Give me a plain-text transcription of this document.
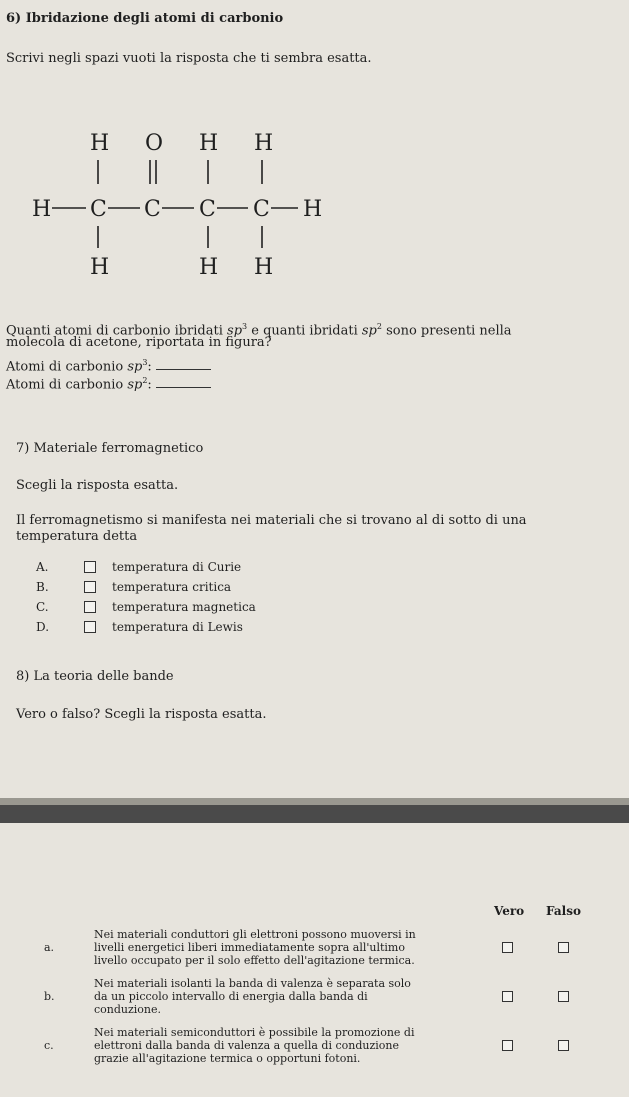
6) Ibridazione degli atomi di carbonio
Scrivi negli spazi vuoti la risposta che ti sembra esatta.
H O H H
H C C C C H
H	H H
Quanti atomi di carbonio ibridati $sp^3$ e quanti ibridati $sp^2$ sono presenti nella
molecola di acetone, riportata in figura?
Atomi di carbonio $sp^3$:
Atomi di carbonio $sp^2$:
7) Materiale ferromagnetico
Scegli la risposta esatta.
Il ferromagnetismo si manifesta nei materiali che si trovano al di sotto di una
temperatura detta
A.	temperatura di Curie
B.	temperatura critica
C.	temperatura magnetica
D.	temperatura di Lewis
8) La teoria delle bande
Vero o falso? Scegli la risposta esatta.
Vero Falso
a.
Nei materiali conduttori gli elettroni possono muoversi in
livelli energetici liberi immediatamente sopra all'ultimo
livello occupato per il solo effetto dell'agitazione termica.
b.
Nei materiali isolanti la banda di valenza è separata solo
da un piccolo intervallo di energia dalla banda di
conduzione.
c.
Nei materiali semiconduttori è possibile la promozione di
elettroni dalla banda di valenza a quella di conduzione
grazie all'agitazione termica o opportuni fotoni.
